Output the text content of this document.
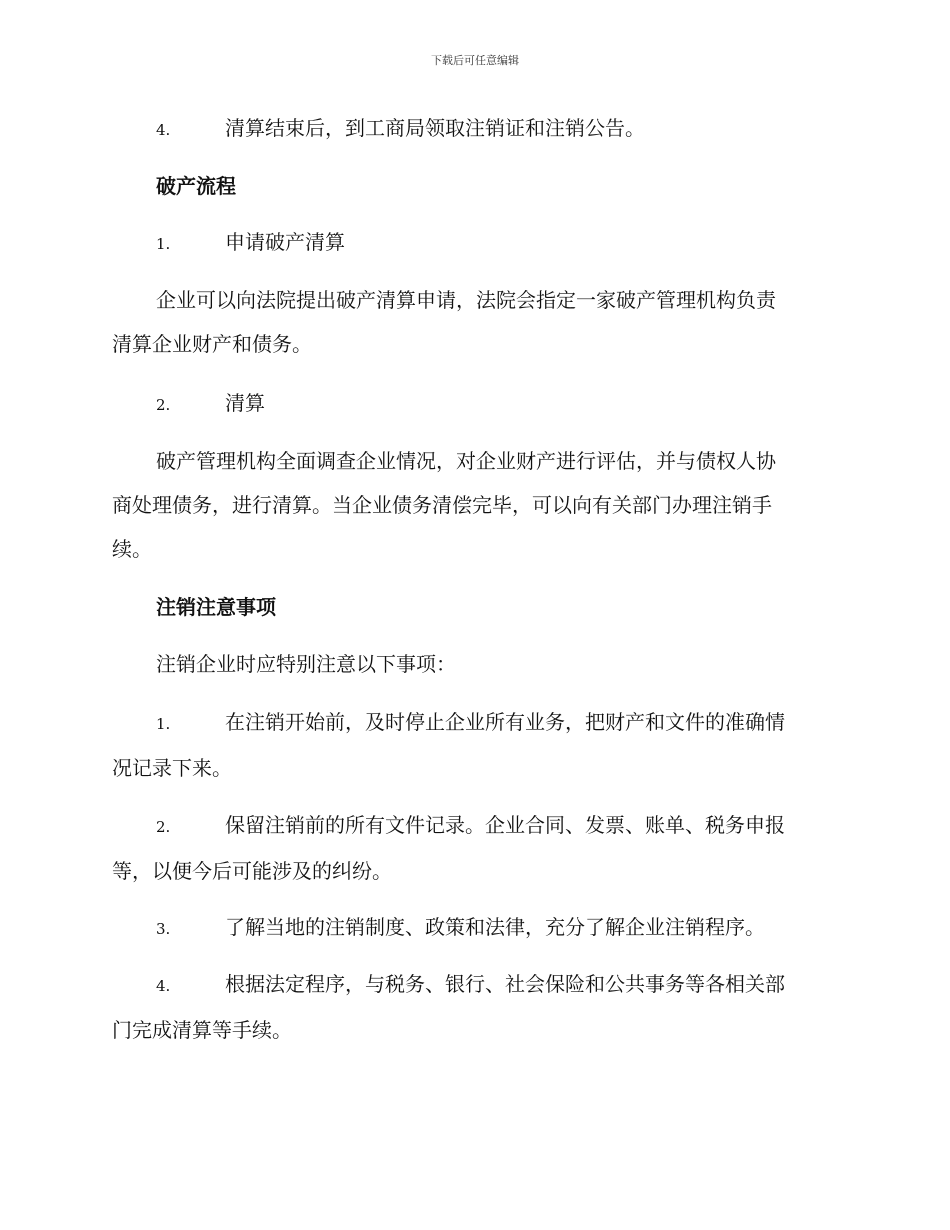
下载后可任意编辑
4.	清算结束后，到工商局领取注销证和注销公告。
破产流程
1.	申请破产清算
企业可以向法院提出破产清算申请，法院会指定一家破产管理机构负责
清算企业财产和债务。
2.	清算
破产管理机构全面调查企业情况，对企业财产进行评估，并与债权人协
商处理债务，进行清算。当企业债务清偿完毕，可以向有关部门办理注销手
续。
注销注意事项
注销企业时应特别注意以下事项：
1.	在注销开始前，及时停止企业所有业务，把财产和文件的准确情
况记录下来。
2.	保留注销前的所有文件记录。企业合同、发票、账单、税务申报
等，以便今后可能涉及的纠纷。
3.	了解当地的注销制度、政策和法律，充分了解企业注销程序。
4.	根据法定程序，与税务、银行、社会保险和公共事务等各相关部
门完成清算等手续。
